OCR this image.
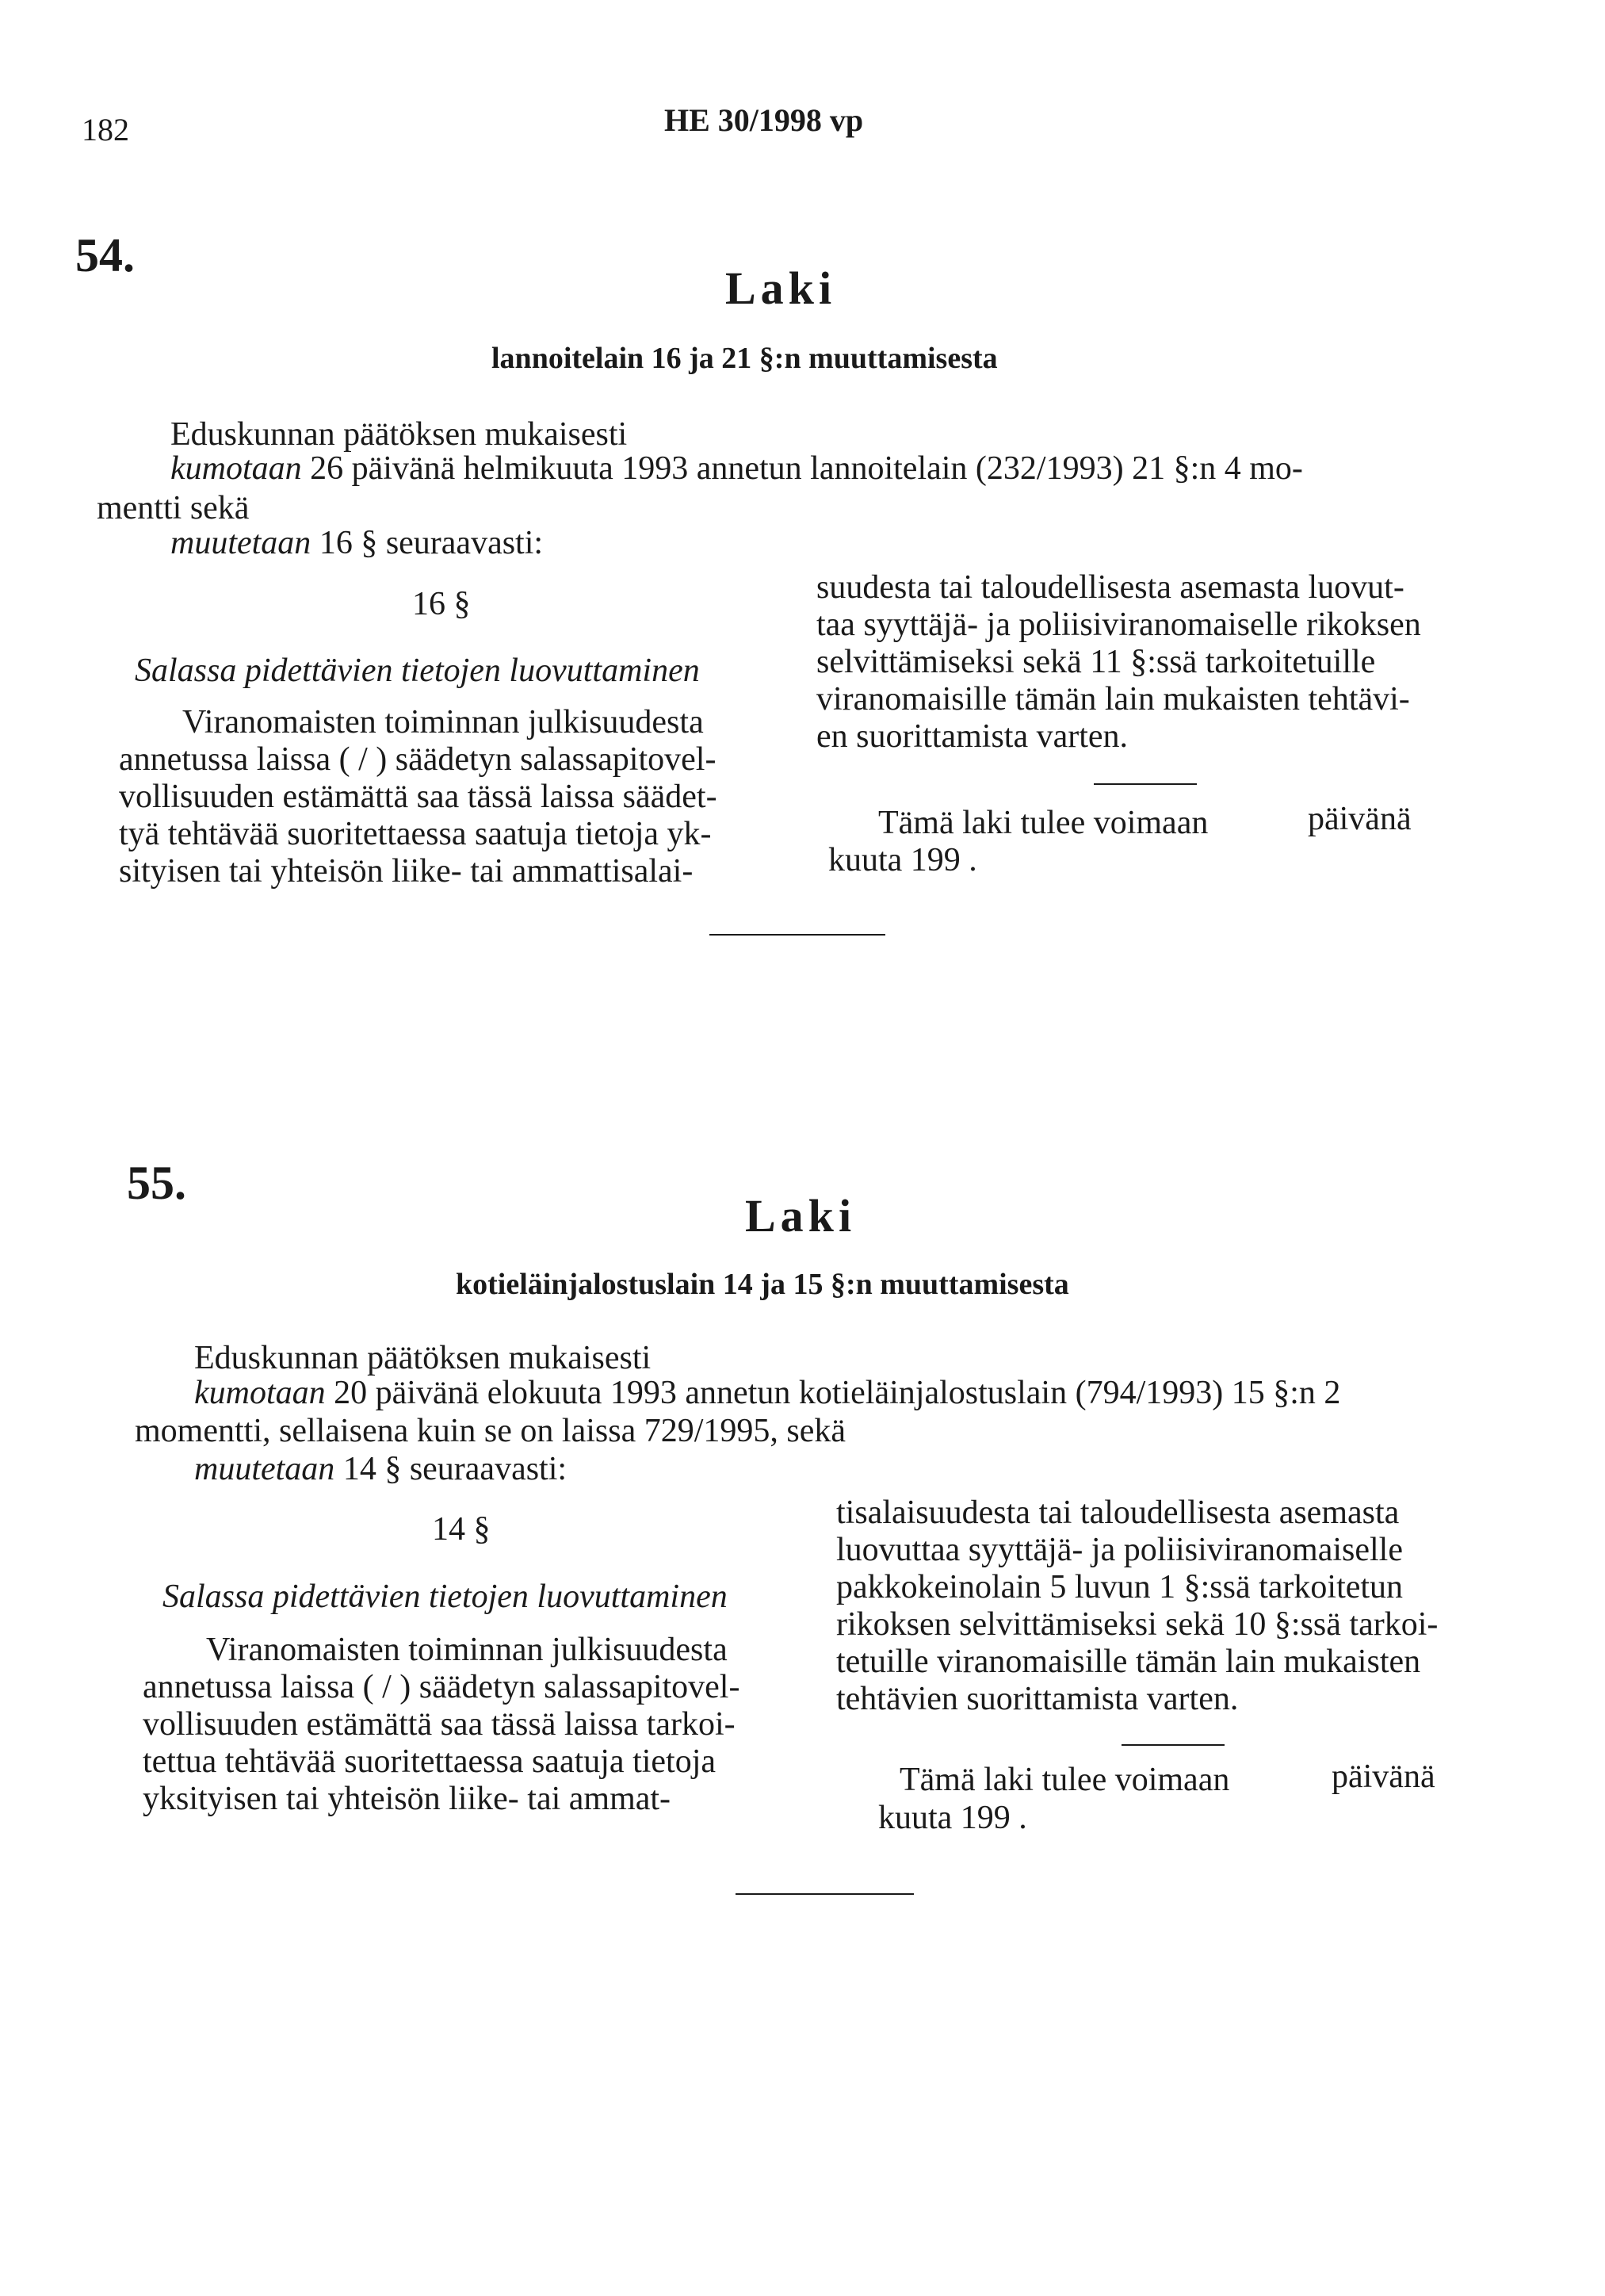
182	HE 30/1998 vp
54.
Laki
lannoitelain 16 ja 21 §:n muuttamisesta
Eduskunnan päätöksen mukaisesti
kumotaan 26 päivänä helmikuuta 1993 annetun lannoitelain (232/1993) 21 §:n 4 mo-
mentti sekä
muutetaan 16 § seuraavasti:
16 §
Salassa pidettävien tietojen luovuttaminen

Viranomaisten toiminnan julkisuudesta

annetussa laissa ( / ) säädetyn salassapitovel-

vollisuuden estämättä saa tässä laissa säädet-

tyä tehtävää suoritettaessa saatuja tietoja yk-

sityisen tai yhteisön liike- tai ammattisalai-

suudesta tai taloudellisesta asemasta luovut-

taa syyttäjä- ja poliisiviranomaiselle rikoksen

selvittämiseksi sekä 11 §:ssä tarkoitetuille

viranomaisille tämän lain mukaisten tehtävi-

en suorittamista varten.

Tämä laki tulee voimaan	päivänä
kuuta 199 .
55.
Laki
kotieläinjalostuslain 14 ja 15 §:n muuttamisesta
Eduskunnan päätöksen mukaisesti
kumotaan 20 päivänä elokuuta 1993 annetun kotieläinjalostuslain (794/1993) 15 §:n 2
momentti, sellaisena kuin se on laissa 729/1995, sekä
muutetaan 14 § seuraavasti:
14 §
Salassa pidettävien tietojen luovuttaminen

Viranomaisten toiminnan julkisuudesta

annetussa laissa ( / ) säädetyn salassapitovel-

vollisuuden estämättä saa tässä laissa tarkoi-

tettua tehtävää suoritettaessa saatuja tietoja

yksityisen tai yhteisön liike- tai ammat-

tisalaisuudesta tai taloudellisesta asemasta

luovuttaa syyttäjä- ja poliisiviranomaiselle

pakkokeinolain 5 luvun 1 §:ssä tarkoitetun

rikoksen selvittämiseksi sekä 10 §:ssä tarkoi-

tetuille viranomaisille tämän lain mukaisten

tehtävien suorittamista varten.

Tämä laki tulee voimaan	päivänä
kuuta 199 .
